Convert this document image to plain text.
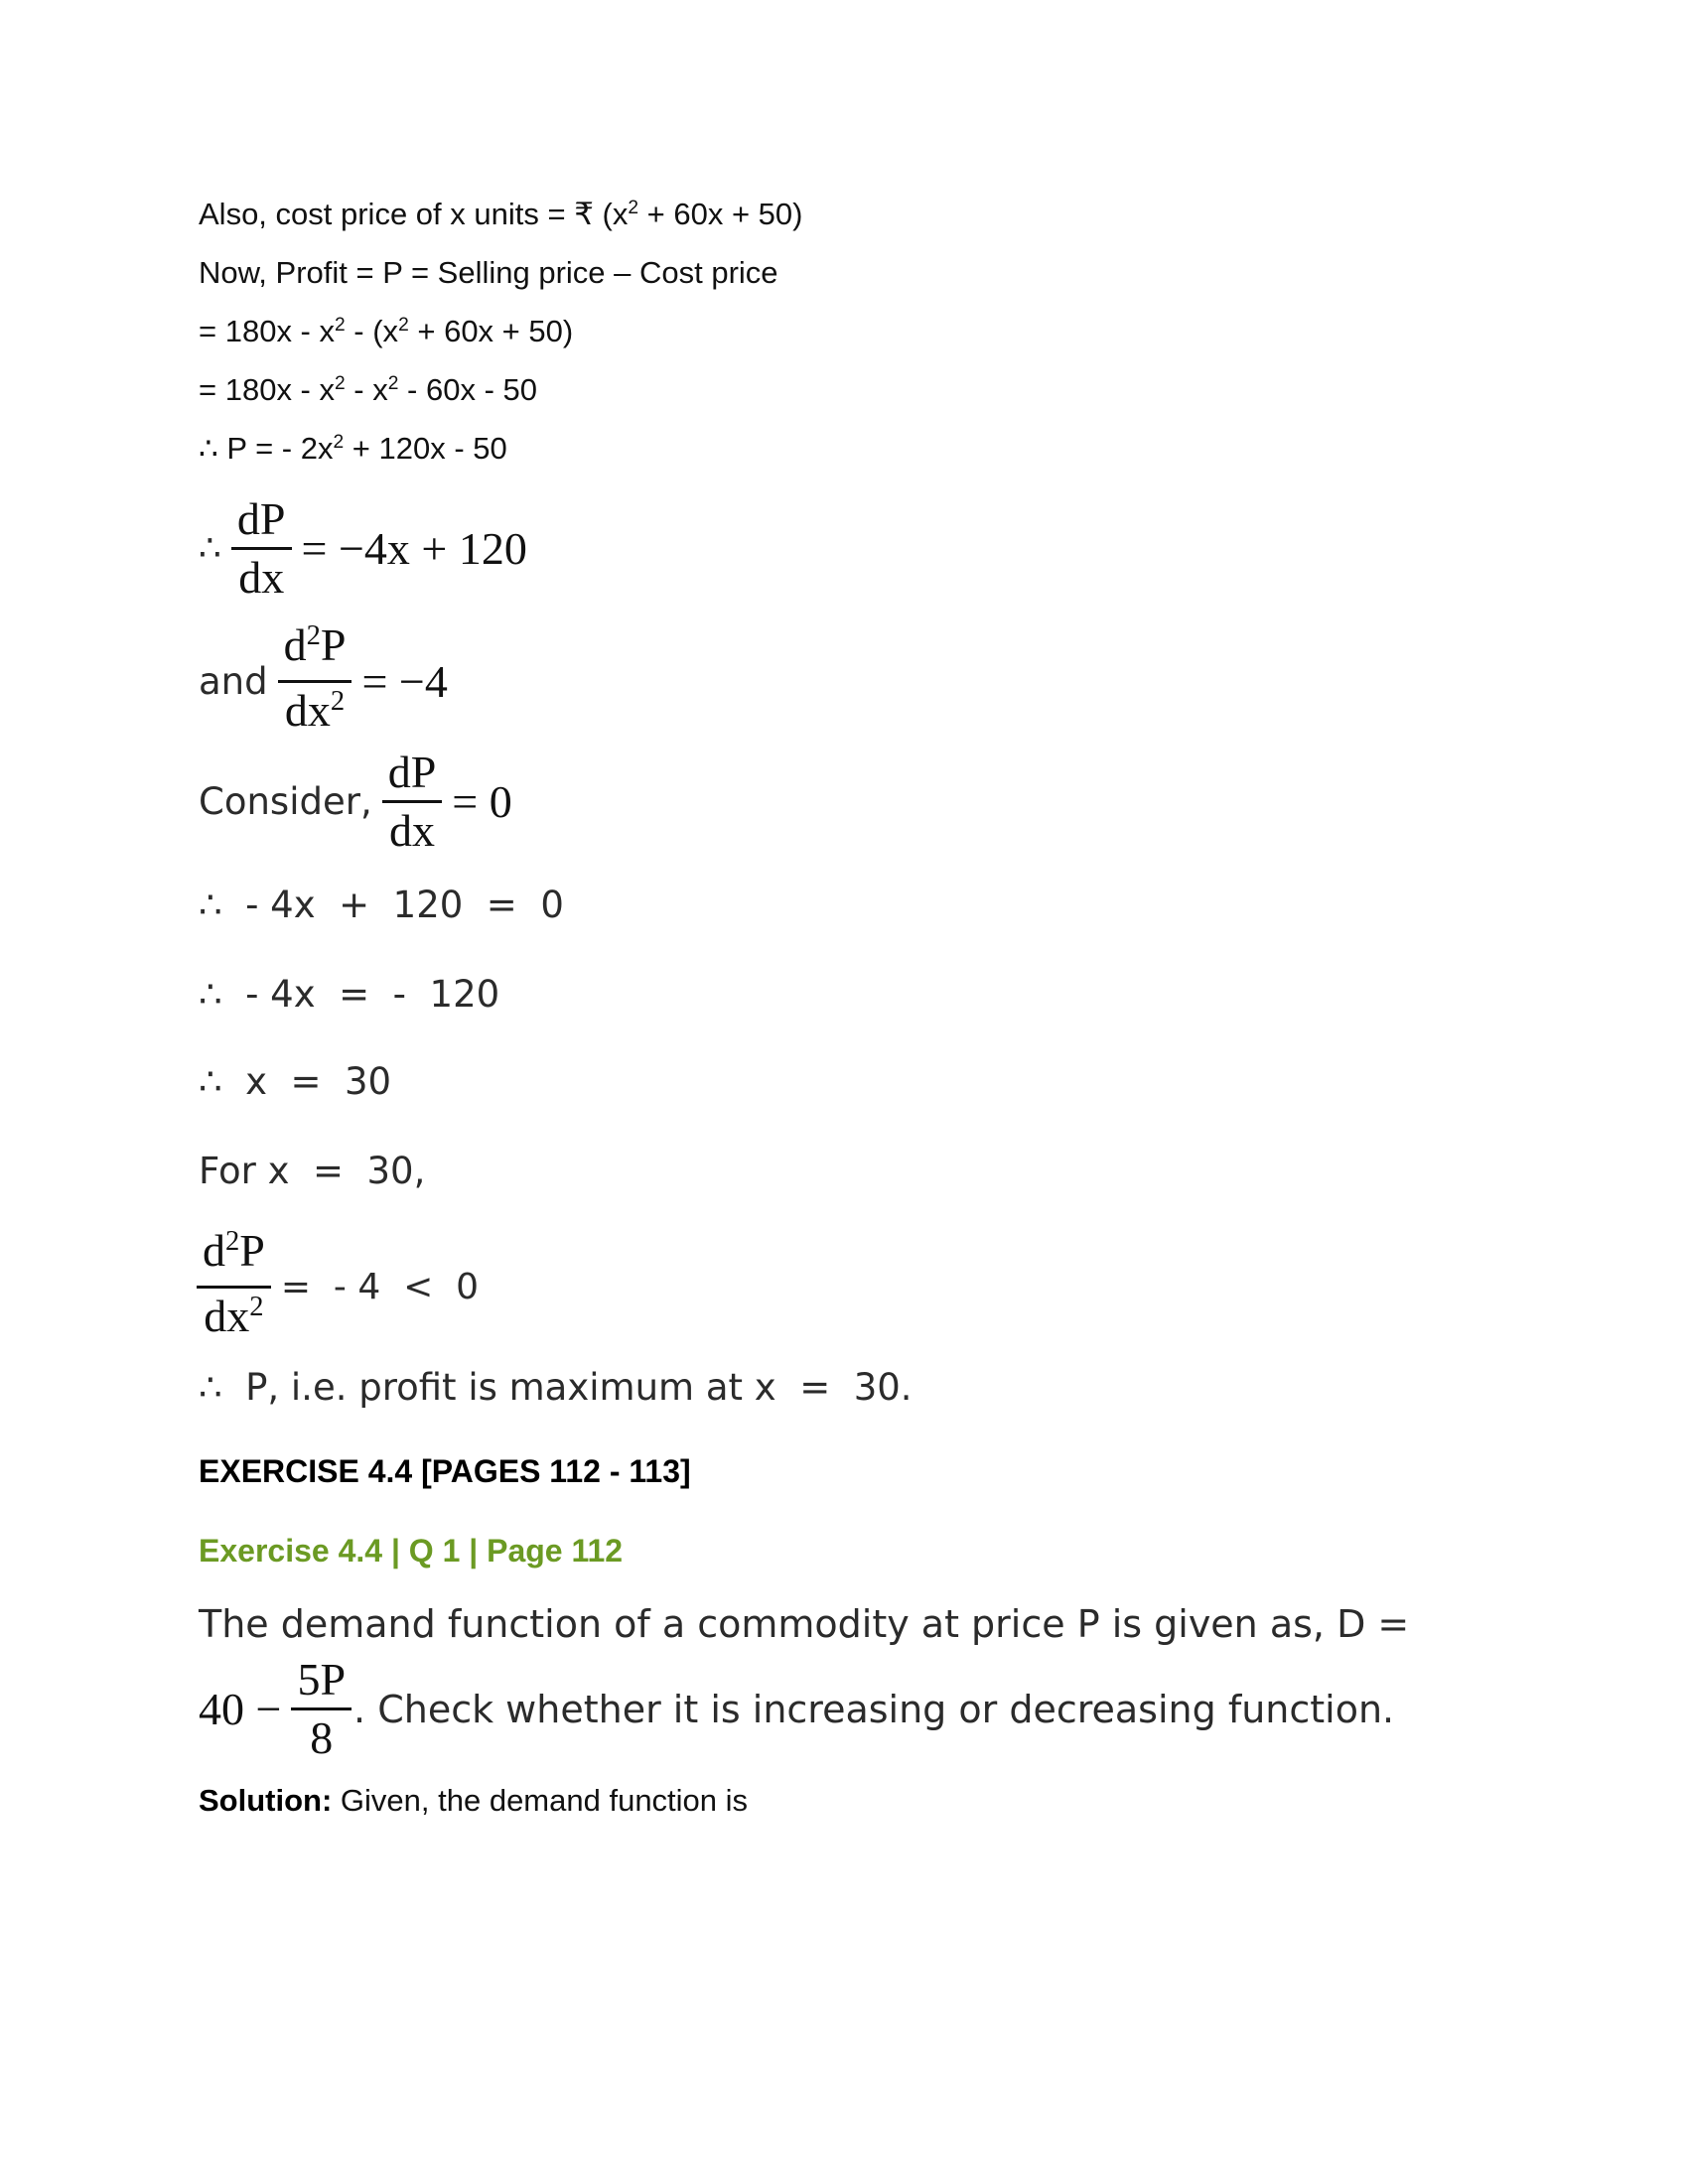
Also, cost price of x units = ₹ $(x^2 + 60x + 50)$
Now, Profit = P = Selling price – Cost price
= $180x - x^2 - (x^2 + 60x + 50)$
= $180x - x^2 - x^2 - 60x - 50$
∴ P = - $2x^2 + 120x - 50$
∴ $\frac{dP}{dx} = -4x + 120$
and $\frac{d^2P}{dx^2} = -4$
Consider, $\frac{dP}{dx} = 0$
∴  - 4x  +  120  =  0
∴  - 4x  =  -  120
∴  x  =  30
For x  =  30,
$\frac{d^2P}{dx^2}$ =  - 4  <  0
∴  P, i.e. profit is maximum at x  =  30.
EXERCISE 4.4 [PAGES 112 - 113]
Exercise 4.4 | Q 1 | Page 112
The demand function of a commodity at price P is given as, D =
$40 - \frac{5P}{8}$ . Check whether it is increasing or decreasing function.
Solution: Given, the demand function is
